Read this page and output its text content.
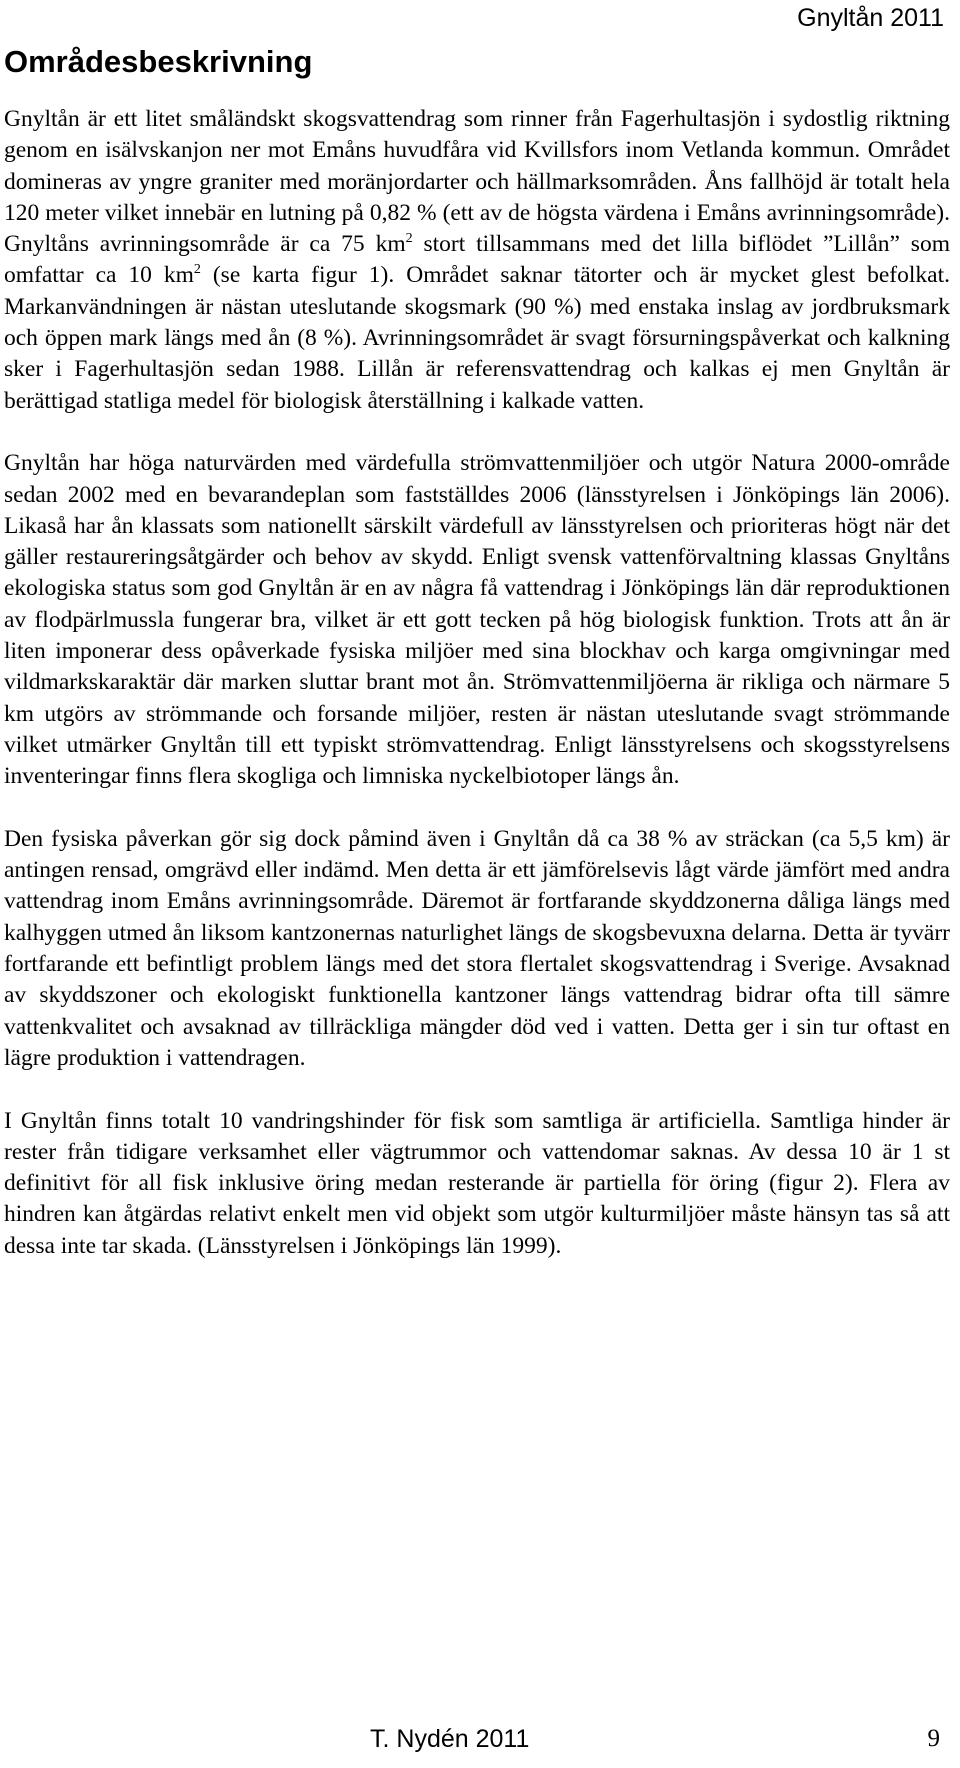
Gnyltån 2011
Områdesbeskrivning

Gnyltån är ett litet småländskt skogsvattendrag som rinner från Fagerhultasjön i sydostlig riktning genom en isälvskanjon ner mot Emåns huvudfåra vid Kvillsfors inom Vetlanda kommun. Området domineras av yngre graniter med moränjordarter och hällmarksområden. Åns fallhöjd är totalt hela 120 meter vilket innebär en lutning på 0,82 % (ett av de högsta värdena i Emåns avrinningsområde). Gnyltåns avrinningsområde är ca 75 $km^2$ stort tillsammans med det lilla biflödet ”Lillån” som omfattar ca 10 $km^2$ (se karta figur 1). Området saknar tätorter och är mycket glest befolkat. Markanvändningen är nästan uteslutande skogsmark (90 %) med enstaka inslag av jordbruksmark och öppen mark längs med ån (8 %). Avrinningsområdet är svagt försurningspåverkat och kalkning sker i Fagerhultasjön sedan 1988. Lillån är referensvattendrag och kalkas ej men Gnyltån är berättigad statliga medel för biologisk återställning i kalkade vatten.

Gnyltån har höga naturvärden med värdefulla strömvattenmiljöer och utgör Natura 2000-område sedan 2002 med en bevarandeplan som fastställdes 2006 (länsstyrelsen i Jönköpings län 2006). Likaså har ån klassats som nationellt särskilt värdefull av länsstyrelsen och prioriteras högt när det gäller restaureringsåtgärder och behov av skydd. Enligt svensk vattenförvaltning klassas Gnyltåns ekologiska status som god Gnyltån är en av några få vattendrag i Jönköpings län där reproduktionen av flodpärlmussla fungerar bra, vilket är ett gott tecken på hög biologisk funktion. Trots att ån är liten imponerar dess opåverkade fysiska miljöer med sina blockhav och karga omgivningar med vildmarkskaraktär där marken sluttar brant mot ån. Strömvattenmiljöerna är rikliga och närmare 5 km utgörs av strömmande och forsande miljöer, resten är nästan uteslutande svagt strömmande vilket utmärker Gnyltån till ett typiskt strömvattendrag. Enligt länsstyrelsens och skogsstyrelsens inventeringar finns flera skogliga och limniska nyckelbiotoper längs ån.

Den fysiska påverkan gör sig dock påmind även i Gnyltån då ca 38 % av sträckan (ca 5,5 km) är antingen rensad, omgrävd eller indämd. Men detta är ett jämförelsevis lågt värde jämfört med andra vattendrag inom Emåns avrinningsområde. Däremot är fortfarande skyddzonerna dåliga längs med kalhyggen utmed ån liksom kantzonernas naturlighet längs de skogsbevuxna delarna. Detta är tyvärr fortfarande ett befintligt problem längs med det stora flertalet skogsvattendrag i Sverige. Avsaknad av skyddszoner och ekologiskt funktionella kantzoner längs vattendrag bidrar ofta till sämre vattenkvalitet och avsaknad av tillräckliga mängder död ved i vatten. Detta ger i sin tur oftast en lägre produktion i vattendragen.

I Gnyltån finns totalt 10 vandringshinder för fisk som samtliga är artificiella. Samtliga hinder är rester från tidigare verksamhet eller vägtrummor och vattendomar saknas. Av dessa 10 är 1 st definitivt för all fisk inklusive öring medan resterande är partiella för öring (figur 2). Flera av hindren kan åtgärdas relativt enkelt men vid objekt som utgör kulturmiljöer måste hänsyn tas så att dessa inte tar skada. (Länsstyrelsen i Jönköpings län 1999).

T. Nydén 2011	9
